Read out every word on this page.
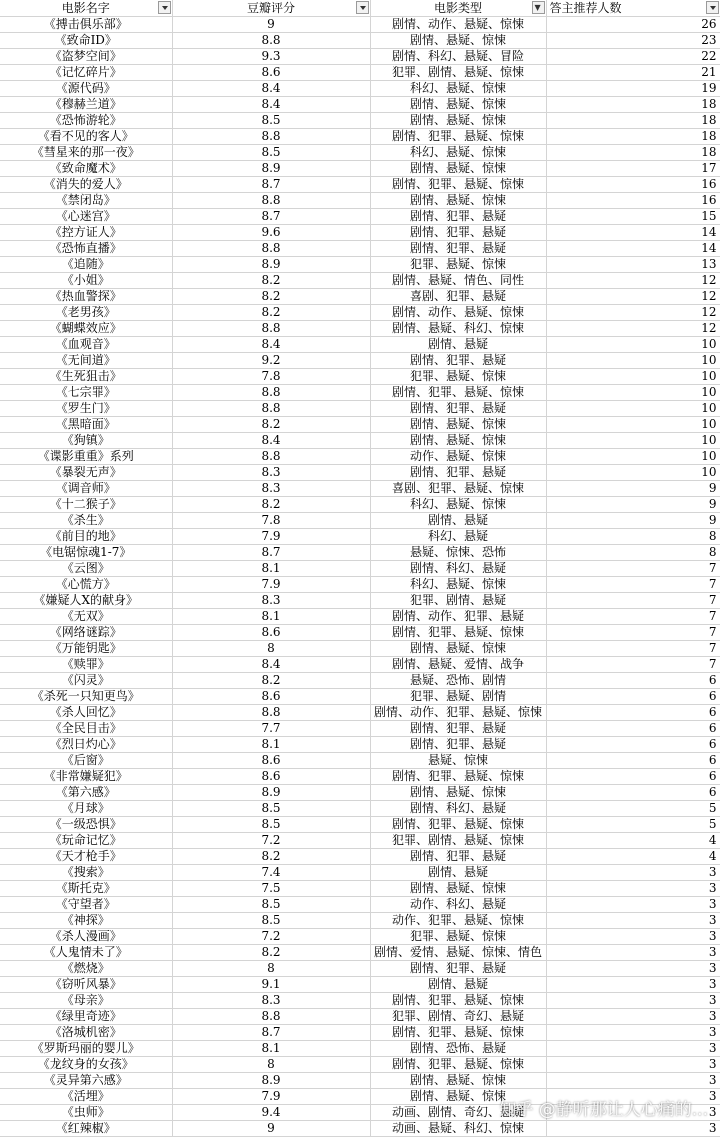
电影名字	豆瓣评分	电影类型 ▼	答主推荐人数

《搏击俱乐部》	9	剧情、动作、悬疑、惊悚	26
《致命ID》	8.8	剧情、悬疑、惊悚	23
《盗梦空间》	9.3	剧情、科幻、悬疑、冒险	22
《记忆碎片》	8.6	犯罪、剧情、悬疑、惊悚	21
《源代码》	8.4	科幻、悬疑、惊悚	19
《穆赫兰道》	8.4	剧情、悬疑、惊悚	18
《恐怖游轮》	8.5	剧情、悬疑、惊悚	18
《看不见的客人》	8.8	剧情、犯罪、悬疑、惊悚	18
《彗星来的那一夜》	8.5	科幻、悬疑、惊悚	18
《致命魔术》	8.9	剧情、悬疑、惊悚	17
《消失的爱人》	8.7	剧情、犯罪、悬疑、惊悚	16
《禁闭岛》	8.8	剧情、悬疑、惊悚	16
《心迷宫》	8.7	剧情、犯罪、悬疑	15
《控方证人》	9.6	剧情、犯罪、悬疑	14
《恐怖直播》	8.8	剧情、犯罪、悬疑	14
《追随》	8.9	犯罪、悬疑、惊悚	13
《小姐》	8.2	剧情、悬疑、情色、同性	12
《热血警探》	8.2	喜剧、犯罪、悬疑	12
《老男孩》	8.2	剧情、动作、悬疑、惊悚	12
《蝴蝶效应》	8.8	剧情、悬疑、科幻、惊悚	12
《血观音》	8.4	剧情、悬疑	10
《无间道》	9.2	剧情、犯罪、悬疑	10
《生死狙击》	7.8	犯罪、悬疑、惊悚	10
《七宗罪》	8.8	剧情、犯罪、悬疑、惊悚	10
《罗生门》	8.8	剧情、犯罪、悬疑	10
《黑暗面》	8.2	剧情、悬疑、惊悚	10
《狗镇》	8.4	剧情、悬疑、惊悚	10
《谍影重重》系列	8.8	动作、悬疑、惊悚	10
《暴裂无声》	8.3	剧情、犯罪、悬疑	10
《调音师》	8.3	喜剧、犯罪、悬疑、惊悚	9
《十二猴子》	8.2	科幻、悬疑、惊悚	9
《杀生》	7.8	剧情、悬疑	9
《前目的地》	7.9	科幻、悬疑	8
《电锯惊魂1-7》	8.7	悬疑、惊悚、恐怖	8
《云图》	8.1	剧情、科幻、悬疑	7
《心慌方》	7.9	科幻、悬疑、惊悚	7
《嫌疑人X的献身》	8.3	犯罪、剧情、悬疑	7
《无双》	8.1	剧情、动作、犯罪、悬疑	7
《网络谜踪》	8.6	剧情、犯罪、悬疑、惊悚	7
《万能钥匙》	8	剧情、悬疑、惊悚	7
《赎罪》	8.4	剧情、悬疑、爱情、战争	7
《闪灵》	8.2	悬疑、恐怖、剧情	6
《杀死一只知更鸟》	8.6	犯罪、悬疑、剧情	6
《杀人回忆》	8.8	剧情、动作、犯罪、悬疑、惊悚	6
《全民目击》	7.7	剧情、犯罪、悬疑	6
《烈日灼心》	8.1	剧情、犯罪、悬疑	6
《后窗》	8.6	悬疑、惊悚	6
《非常嫌疑犯》	8.6	剧情、犯罪、悬疑、惊悚	6
《第六感》	8.9	剧情、悬疑、惊悚	6
《月球》	8.5	剧情、科幻、悬疑	5
《一级恐惧》	8.5	剧情、犯罪、悬疑、惊悚	5
《玩命记忆》	7.2	犯罪、剧情、悬疑、惊悚	4
《天才枪手》	8.2	剧情、犯罪、悬疑	4
《搜索》	7.4	剧情、悬疑	3
《斯托克》	7.5	剧情、悬疑、惊悚	3
《守望者》	8.5	动作、科幻、悬疑	3
《神探》	8.5	动作、犯罪、悬疑、惊悚	3
《杀人漫画》	7.2	犯罪、悬疑、惊悚	3
《人鬼情未了》	8.2	剧情、爱情、悬疑、惊悚、情色	3
《燃烧》	8	剧情、犯罪、悬疑	3
《窃听风暴》	9.1	剧情、悬疑	3
《母亲》	8.3	剧情、犯罪、悬疑、惊悚	3
《绿里奇迹》	8.8	犯罪、剧情、奇幻、悬疑	3
《洛城机密》	8.7	剧情、犯罪、悬疑、惊悚	3
《罗斯玛丽的婴儿》	8.1	剧情、恐怖、悬疑	3
《龙纹身的女孩》	8	剧情、犯罪、悬疑、惊悚	3
《灵异第六感》	8.9	剧情、悬疑、惊悚	3
《活埋》	7.9	剧情、悬疑、惊悚	3
《虫师》	9.4	动画、剧情、奇幻、悬疑	3
《红辣椒》	9	动画、悬疑、科幻、惊悚	3
知乎 @静听那让人心痛的...
